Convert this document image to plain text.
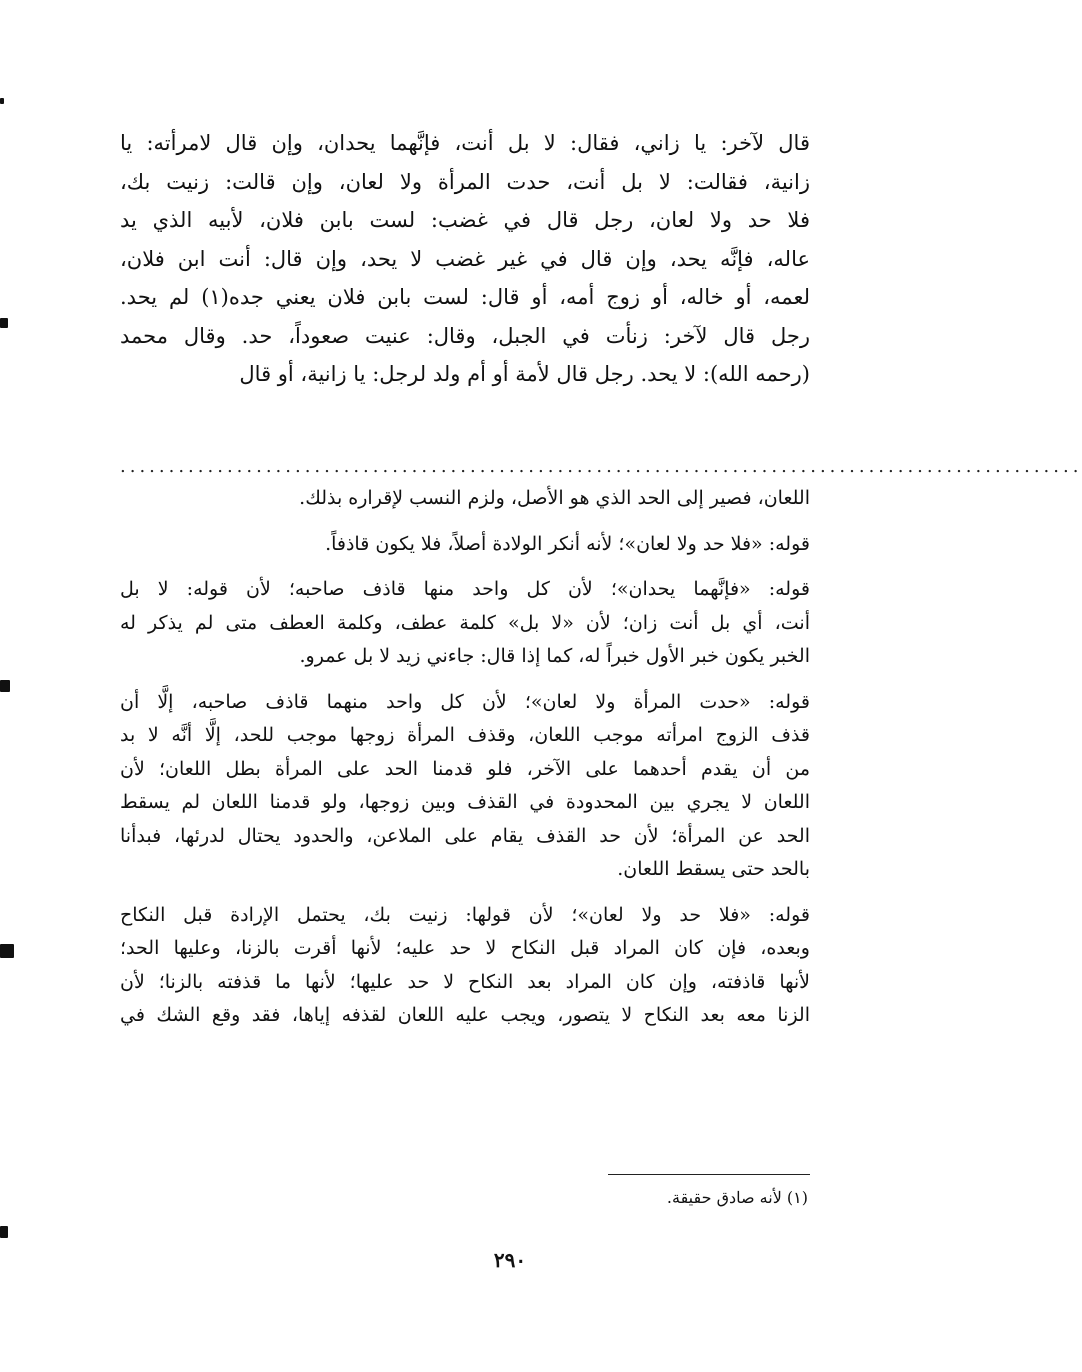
قال لآخر: يا زاني، فقال: لا بل أنت، فإنَّهما يحدان، وإن قال لامرأته: يا
زانية، فقالت: لا بل أنت، حدت المرأة ولا لعان، وإن قالت: زنيت بك،
فلا حد ولا لعان، رجل قال في غضب: لست بابن فلان، لأبيه الذي يد
عاله، فإنَّه يحد، وإن قال في غير غضب لا يحد، وإن قال: أنت ابن فلان،
لعمه، أو خاله، أو زوج أمه، أو قال: لست بابن فلان يعني جده(١) لم يحد.
رجل قال لآخر: زنأت في الجبل، وقال: عنيت صعوداً، حد. وقال محمد
(رحمه الله): لا يحد. رجل قال لأمة أو أم ولد لرجل: يا زانية، أو قال
...................................................................................................
اللعان، فصير إلى الحد الذي هو الأصل، ولزم النسب لإقراره بذلك.
قوله: «فلا حد ولا لعان»؛ لأنه أنكر الولادة أصلاً، فلا يكون قاذفاً.
قوله: «فإنَّهما يحدان»؛ لأن كل واحد منها قاذف صاحبه؛ لأن قوله: لا بل
أنت، أي بل أنت زان؛ لأن «لا بل» كلمة عطف، وكلمة العطف متى لم يذكر له
الخبر يكون خبر الأول خبراً له، كما إذا قال: جاءني زيد لا بل عمرو.
قوله: «حدت المرأة ولا لعان»؛ لأن كل واحد منهما قاذف صاحبه، إلَّا أن
قذف الزوج امرأته موجب اللعان، وقذف المرأة زوجها موجب للحد، إلَّا أنَّه لا بد
من أن يقدم أحدهما على الآخر، فلو قدمنا الحد على المرأة بطل اللعان؛ لأن
اللعان لا يجري بين المحدودة في القذف وبين زوجها، ولو قدمنا اللعان لم يسقط
الحد عن المرأة؛ لأن حد القذف يقام على الملاعن، والحدود يحتال لدرئها، فبدأنا
بالحد حتى يسقط اللعان.
قوله: «فلا حد ولا لعان»؛ لأن قولها: زنيت بك، يحتمل الإرادة قبل النكاح
وبعده، فإن كان المراد قبل النكاح لا حد عليه؛ لأنها أقرت بالزنا، وعليها الحد؛
لأنها قاذفته، وإن كان المراد بعد النكاح لا حد عليها؛ لأنها ما قذفته بالزنا؛ لأن
الزنا معه بعد النكاح لا يتصور، ويجب عليه اللعان لقذفه إياها، فقد وقع الشك في
(١) لأنه صادق حقيقة.
٢٩٠
